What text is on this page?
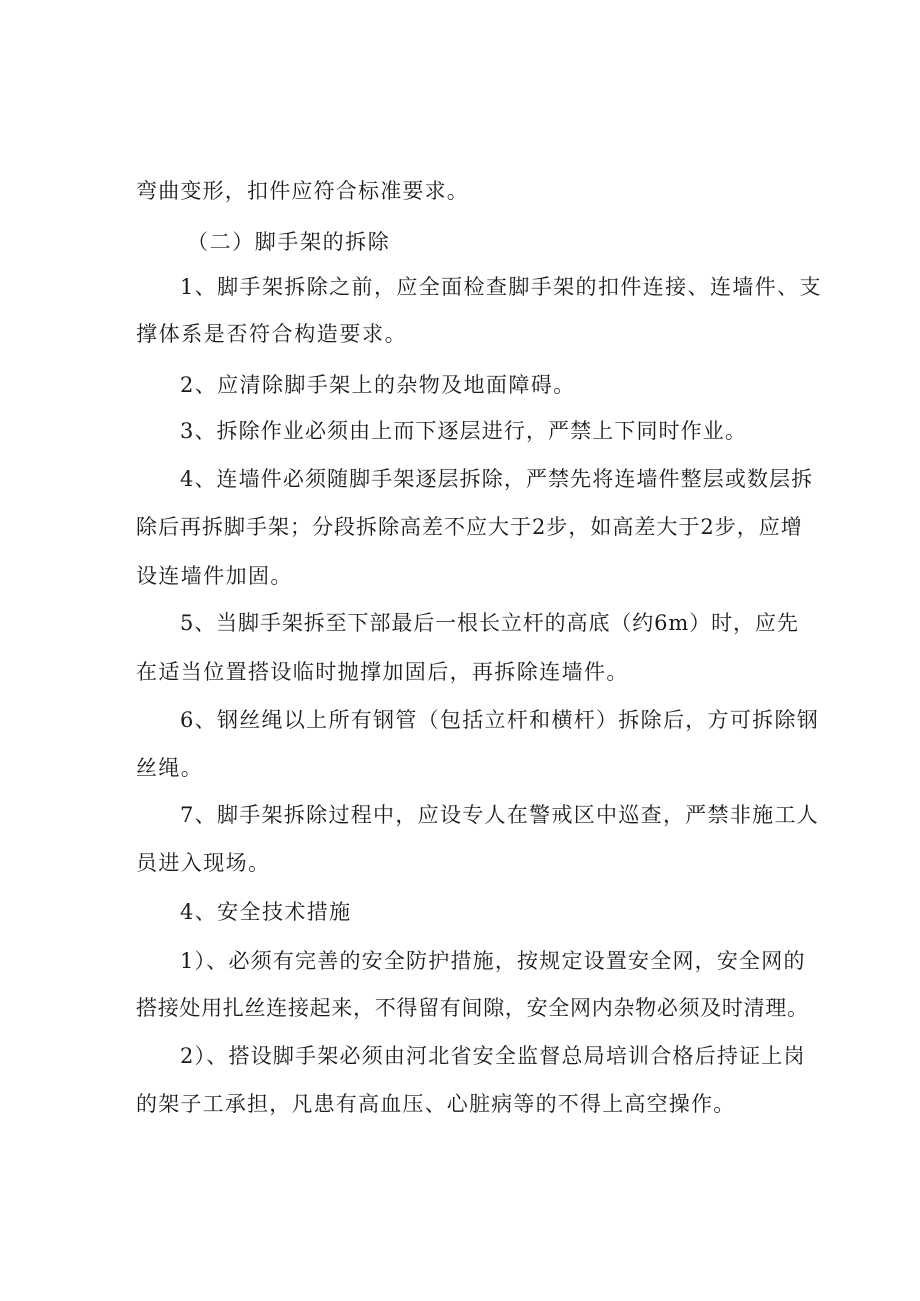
弯曲变形，扣件应符合标准要求。

（二）脚手架的拆除

1、脚手架拆除之前，应全面检查脚手架的扣件连接、连墙件、支

撑体系是否符合构造要求。

2、应清除脚手架上的杂物及地面障碍。

3、拆除作业必须由上而下逐层进行，严禁上下同时作业。

4、连墙件必须随脚手架逐层拆除，严禁先将连墙件整层或数层拆

除后再拆脚手架；分段拆除高差不应大于2步，如高差大于2步，应增

设连墙件加固。

5、当脚手架拆至下部最后一根长立杆的高底（约6m）时，应先

在适当位置搭设临时抛撑加固后，再拆除连墙件。

6、钢丝绳以上所有钢管（包括立杆和横杆）拆除后，方可拆除钢

丝绳。

7、脚手架拆除过程中，应设专人在警戒区中巡查，严禁非施工人

员进入现场。

4、安全技术措施

1）、必须有完善的安全防护措施，按规定设置安全网，安全网的

搭接处用扎丝连接起来，不得留有间隙，安全网内杂物必须及时清理。

2）、搭设脚手架必须由河北省安全监督总局培训合格后持证上岗

的架子工承担，凡患有高血压、心脏病等的不得上高空操作。
